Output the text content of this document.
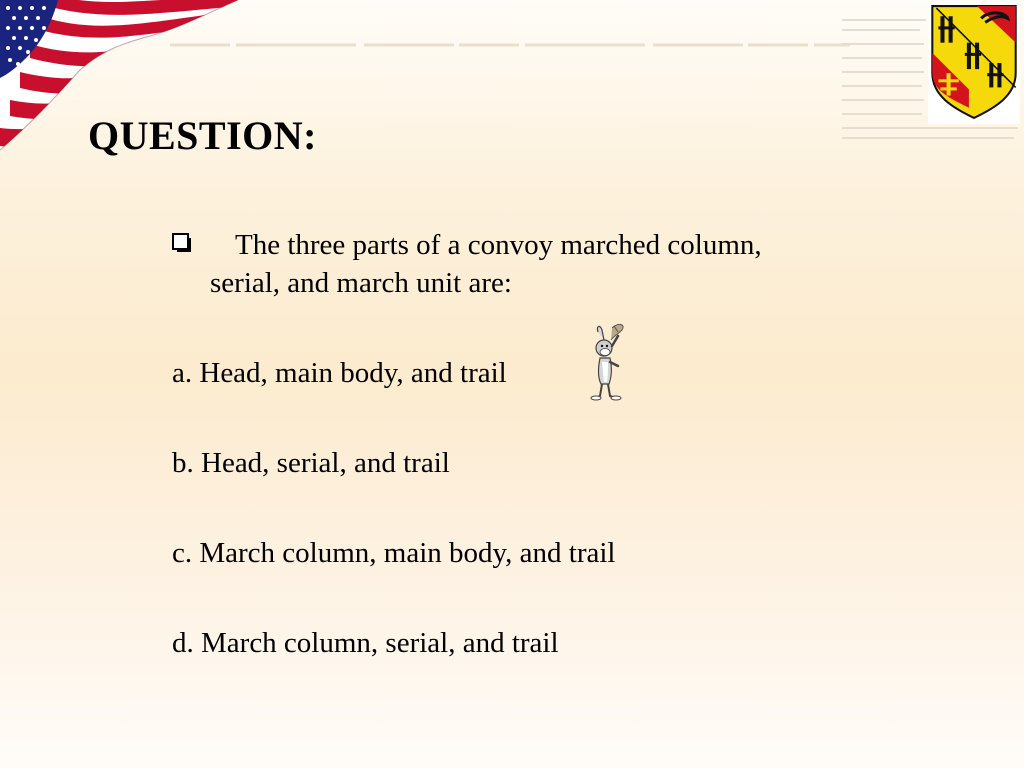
QUESTION:
The three parts of a convoy marched column,
serial, and march unit are:
a. Head, main body, and trail
b. Head, serial, and trail
c. March column, main body, and trail
d. March column, serial, and trail
